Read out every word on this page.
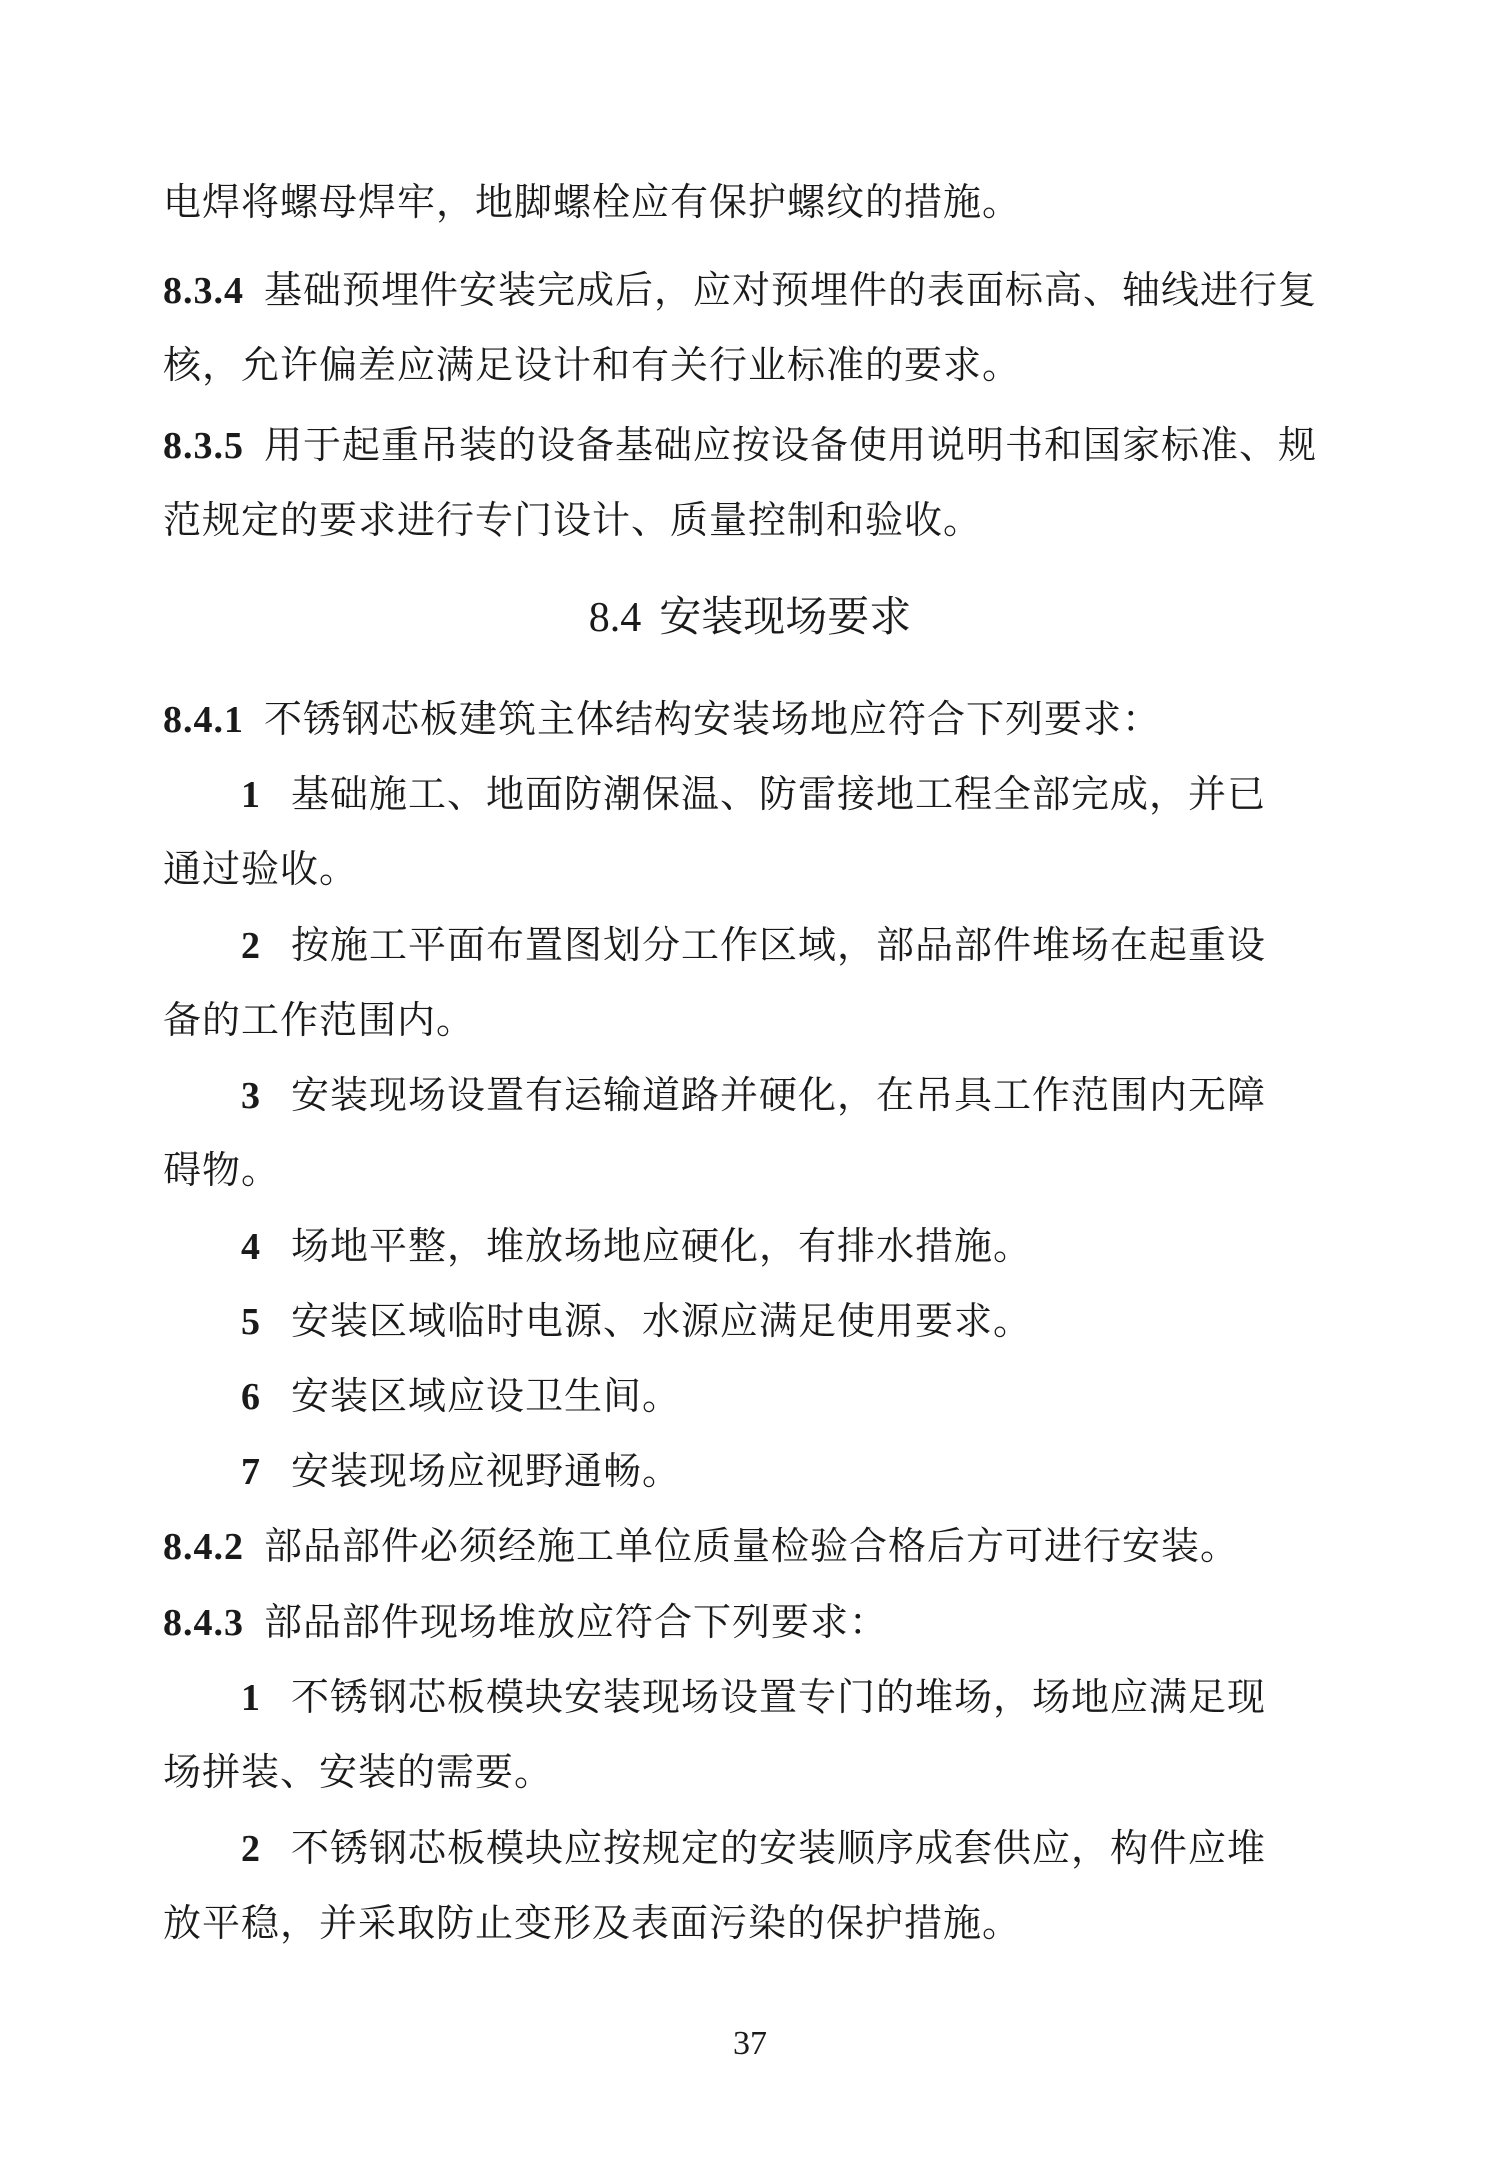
电焊将螺母焊牢，地脚螺栓应有保护螺纹的措施。
8.3.4 基础预埋件安装完成后，应对预埋件的表面标高、轴线进行复
核，允许偏差应满足设计和有关行业标准的要求。
8.3.5 用于起重吊装的设备基础应按设备使用说明书和国家标准、规
范规定的要求进行专门设计、质量控制和验收。
8.4 安装现场要求
8.4.1 不锈钢芯板建筑主体结构安装场地应符合下列要求：
1 基础施工、地面防潮保温、防雷接地工程全部完成，并已
通过验收。
2 按施工平面布置图划分工作区域，部品部件堆场在起重设
备的工作范围内。
3 安装现场设置有运输道路并硬化，在吊具工作范围内无障
碍物。
4 场地平整，堆放场地应硬化，有排水措施。
5 安装区域临时电源、水源应满足使用要求。
6 安装区域应设卫生间。
7 安装现场应视野通畅。
8.4.2 部品部件必须经施工单位质量检验合格后方可进行安装。
8.4.3 部品部件现场堆放应符合下列要求：
1 不锈钢芯板模块安装现场设置专门的堆场，场地应满足现
场拼装、安装的需要。
2 不锈钢芯板模块应按规定的安装顺序成套供应，构件应堆
放平稳，并采取防止变形及表面污染的保护措施。
37
